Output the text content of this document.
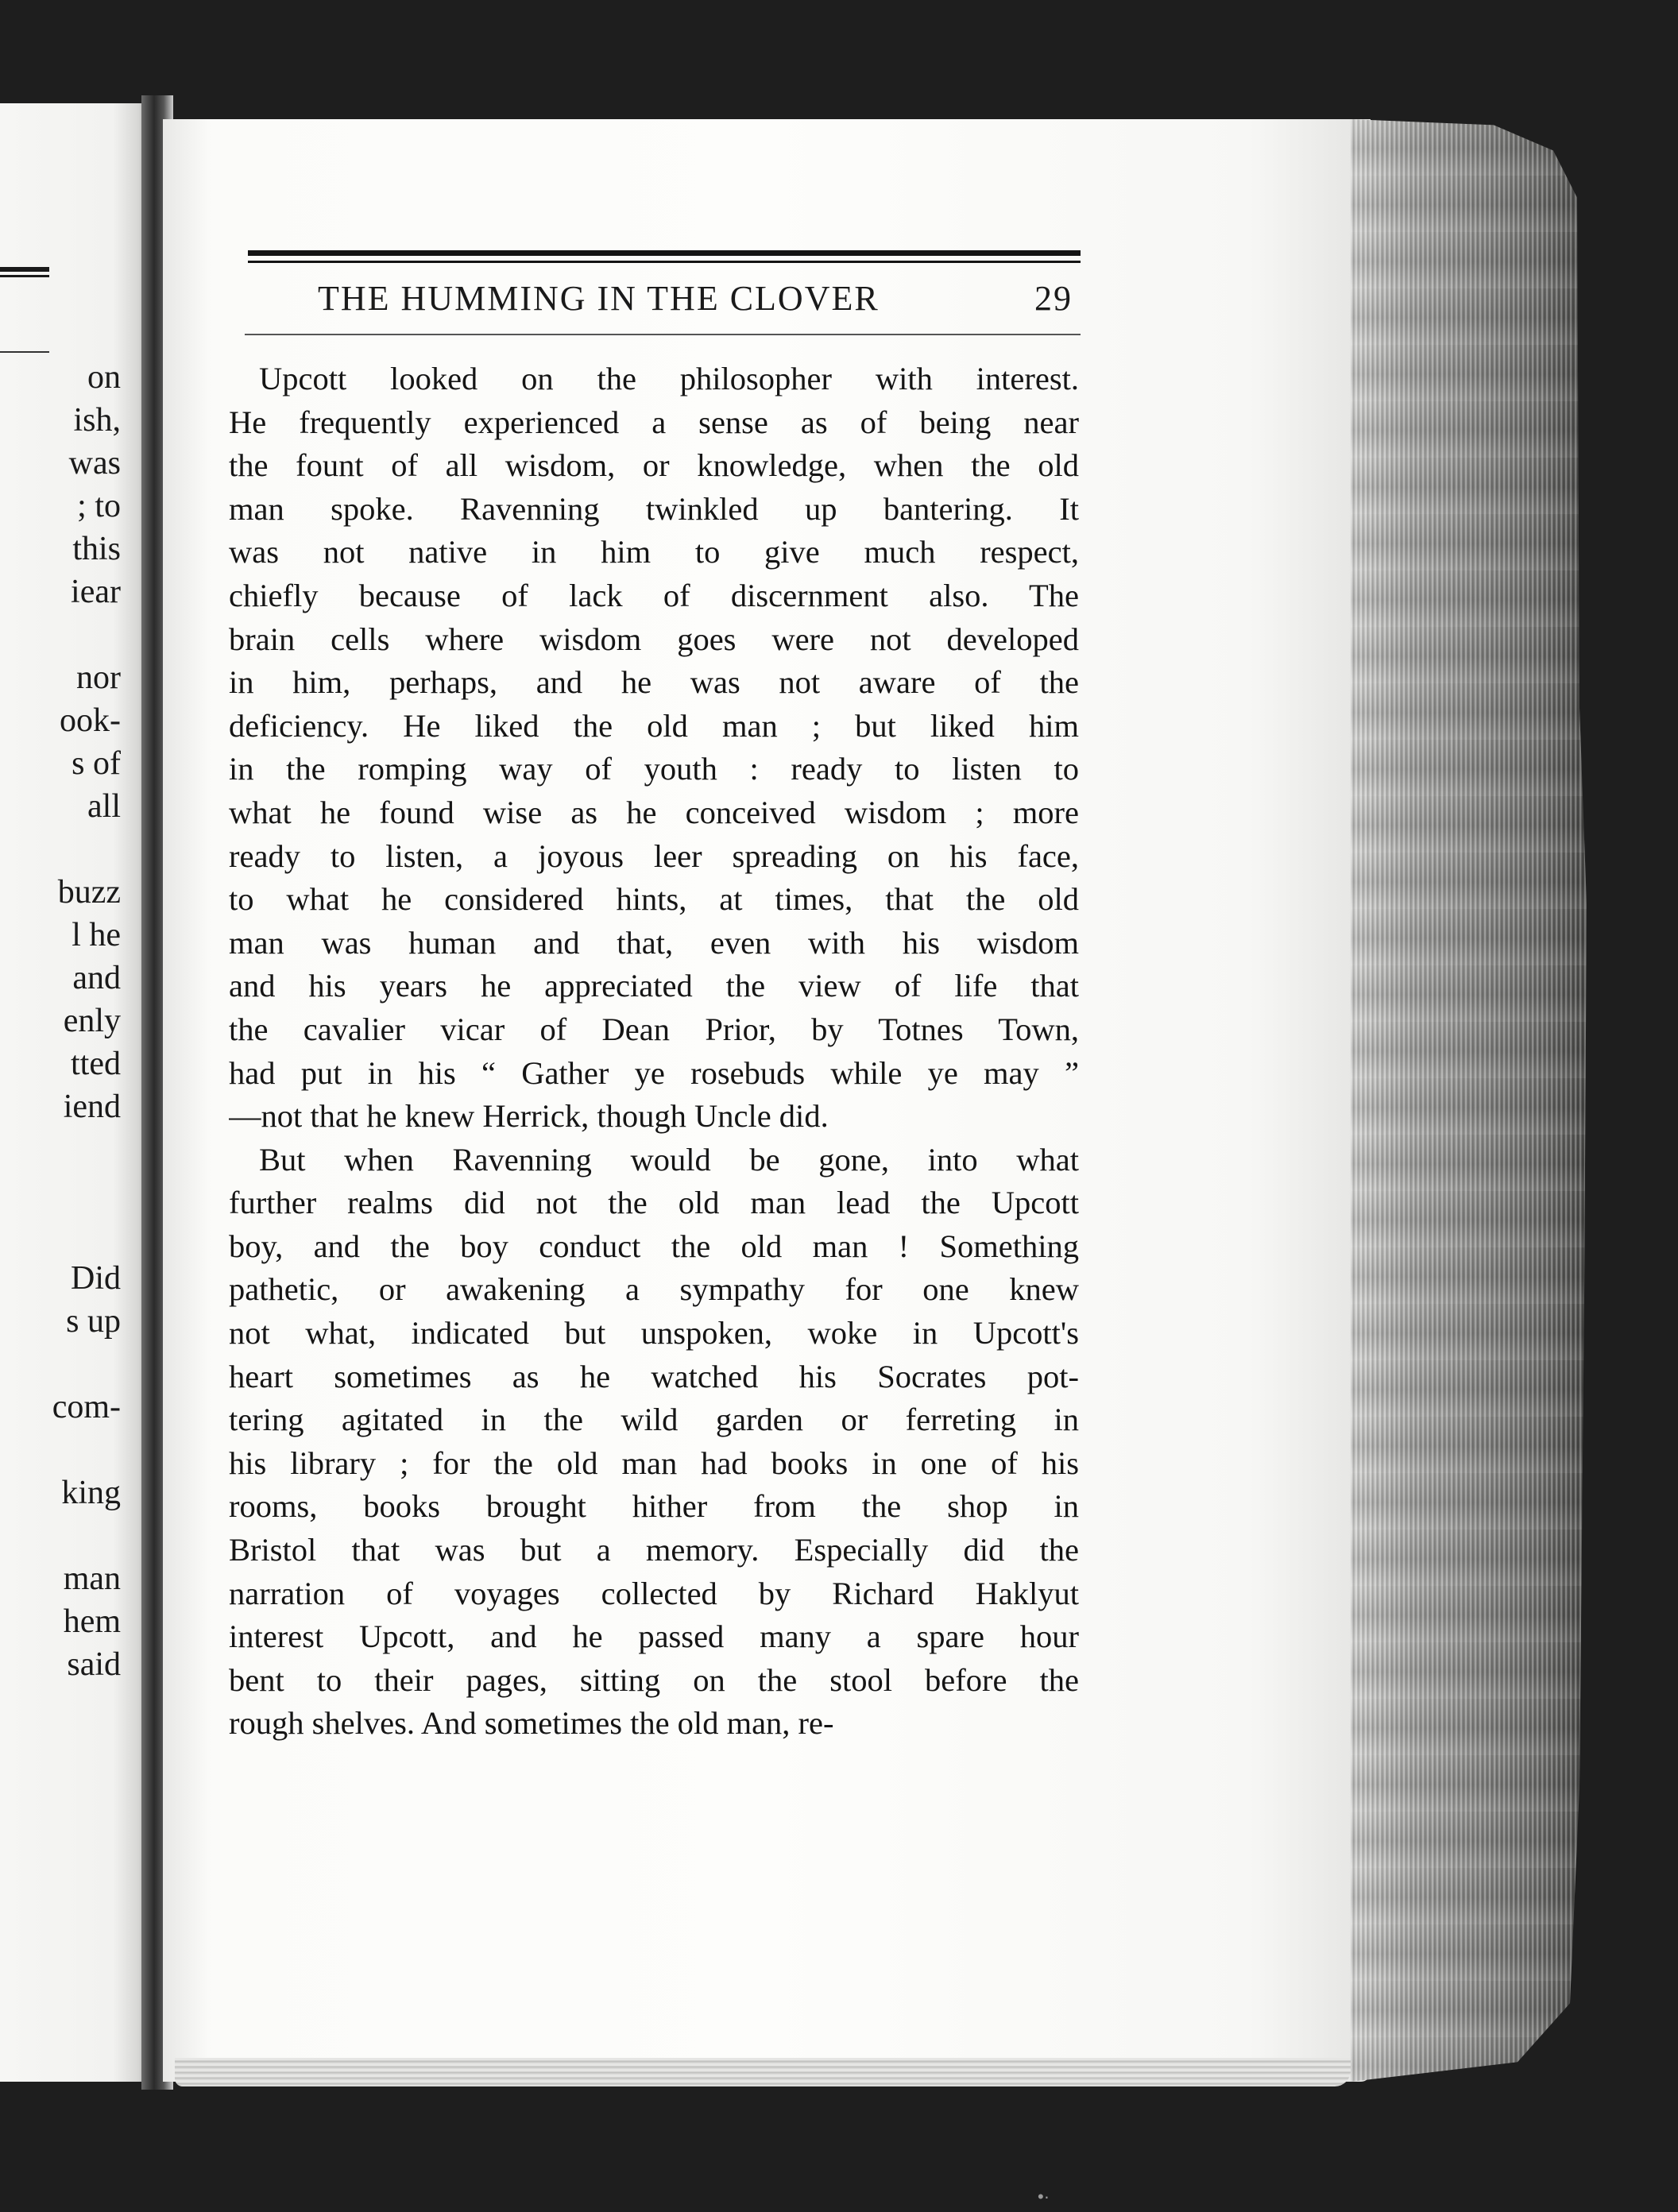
on
ish,
was
; to
this
iear
nor
ook-
s of
all
buzz
l he
and
enly
tted
iend
Did
s up
com-
king
man
hem
said
THE HUMMING IN THE CLOVER	29
Upcott looked on the philosopher with interest.
He frequently experienced a sense as of being near
the fount of all wisdom, or knowledge, when the old
man spoke. Ravenning twinkled up bantering. It
was not native in him to give much respect,
chiefly because of lack of discernment also. The
brain cells where wisdom goes were not developed
in him, perhaps, and he was not aware of the
deficiency. He liked the old man ; but liked him
in the romping way of youth : ready to listen to
what he found wise as he conceived wisdom ; more
ready to listen, a joyous leer spreading on his face,
to what he considered hints, at times, that the old
man was human and that, even with his wisdom
and his years he appreciated the view of life that
the cavalier vicar of Dean Prior, by Totnes Town,
had put in his “ Gather ye rosebuds while ye may ”
—not that he knew Herrick, though Uncle did.
But when Ravenning would be gone, into what
further realms did not the old man lead the Upcott
boy, and the boy conduct the old man ! Something
pathetic, or awakening a sympathy for one knew
not what, indicated but unspoken, woke in Upcott's
heart sometimes as he watched his Socrates pot-
tering agitated in the wild garden or ferreting in
his library ; for the old man had books in one of his
rooms, books brought hither from the shop in
Bristol that was but a memory. Especially did the
narration of voyages collected by Richard Haklyut
interest Upcott, and he passed many a spare hour
bent to their pages, sitting on the stool before the
rough shelves. And sometimes the old man, re-
•·
